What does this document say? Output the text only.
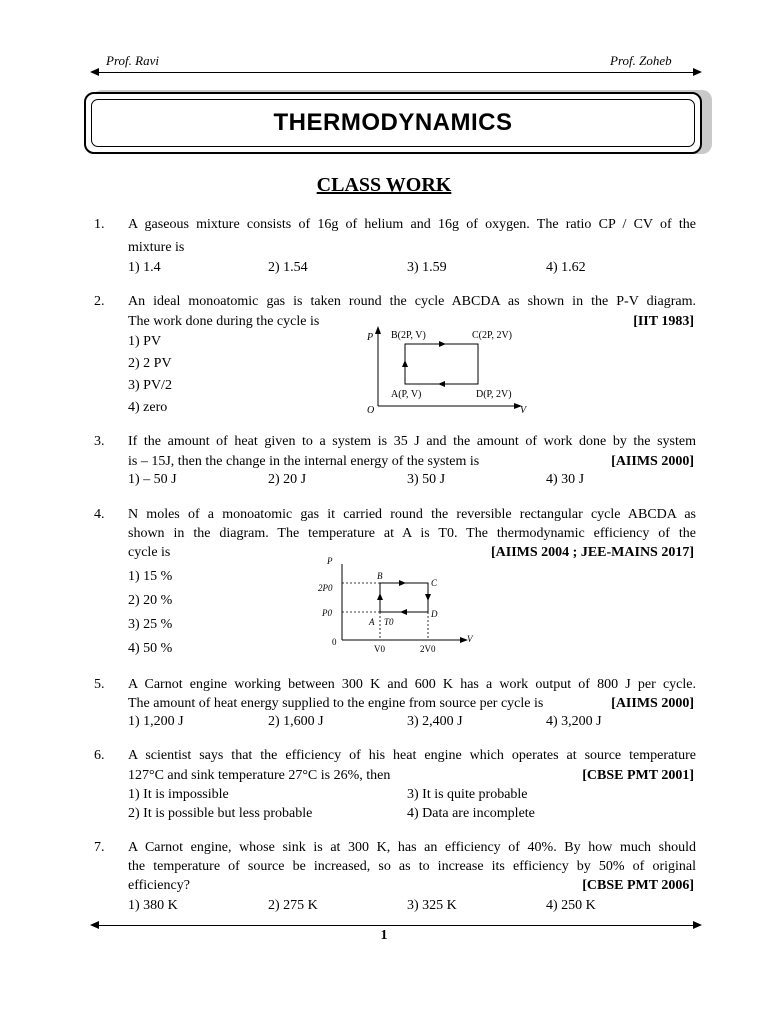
Prof. Ravi	Prof. Zoheb
THERMODYNAMICS
CLASS WORK
1. A gaseous mixture consists of 16g of helium and 16g of oxygen. The ratio CP / CV of the
mixture is
1) 1.4	2) 1.54	3) 1.59	4) 1.62
2. An ideal monoatomic gas is taken round the cycle ABCDA as shown in the P-V diagram.
The work done during the cycle is	[IIT 1983]
1) PV
2) 2 PV
3) PV/2
4) zero
P
O	V
B(2P, V)	C(2P, 2V)
A(P, V)	D(P, 2V)
3. If the amount of heat given to a system is 35 J and the amount of work done by the system
is – 15J, then the change in the internal energy of the system is	[AIIMS 2000]
1) – 50 J	2) 20 J	3) 50 J	4) 30 J
4. N moles of a monoatomic gas it carried round the reversible rectangular cycle ABCDA as
shown in the diagram. The temperature at A is T0. The thermodynamic efficiency of the
cycle is	[AIIMS 2004 ; JEE-MAINS 2017]
1) 15 %
2) 20 %
3) 25 %
4) 50 %
P
2P0
P0
0	V
B
C
D
A T0
V0	2V0
5. A Carnot engine working between 300 K and 600 K has a work output of 800 J per cycle.
The amount of heat energy supplied to the engine from source per cycle is	[AIIMS 2000]
1) 1,200 J	2) 1,600 J	3) 2,400 J	4) 3,200 J
6. A scientist says that the efficiency of his heat engine which operates at source temperature
127°C and sink temperature 27°C is 26%, then	[CBSE PMT 2001]
1) It is impossible	3) It is quite probable
2) It is possible but less probable	4) Data are incomplete
7. A Carnot engine, whose sink is at 300 K, has an efficiency of 40%. By how much should
the temperature of source be increased, so as to increase its efficiency by 50% of original
efficiency?	[CBSE PMT 2006]
1) 380 K	2) 275 K	3) 325 K	4) 250 K
1
